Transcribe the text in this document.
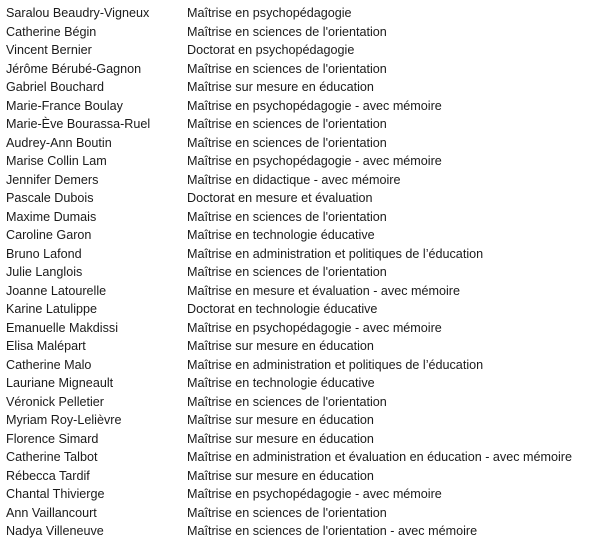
Saralou Beaudry-Vigneux	Maîtrise en psychopédagogie
Catherine Bégin	Maîtrise en sciences de l'orientation
Vincent Bernier	Doctorat en psychopédagogie
Jérôme Bérubé-Gagnon	Maîtrise en sciences de l'orientation
Gabriel Bouchard	Maîtrise sur mesure en éducation
Marie-France Boulay	Maîtrise en psychopédagogie - avec mémoire
Marie-Ève Bourassa-Ruel	Maîtrise en sciences de l'orientation
Audrey-Ann Boutin	Maîtrise en sciences de l'orientation
Marise Collin Lam	Maîtrise en psychopédagogie - avec mémoire
Jennifer Demers	Maîtrise en didactique - avec mémoire
Pascale Dubois	Doctorat en mesure et évaluation
Maxime Dumais	Maîtrise en sciences de l'orientation
Caroline Garon	Maîtrise en technologie éducative
Bruno Lafond	Maîtrise en administration et politiques de l’éducation
Julie Langlois	Maîtrise en sciences de l'orientation
Joanne Latourelle	Maîtrise en mesure et évaluation - avec mémoire
Karine Latulippe	Doctorat en technologie éducative
Emanuelle Makdissi	Maîtrise en psychopédagogie - avec mémoire
Elisa Malépart	Maîtrise sur mesure en éducation
Catherine Malo	Maîtrise en administration et politiques de l’éducation
Lauriane Migneault	Maîtrise en technologie éducative
Véronick Pelletier	Maîtrise en sciences de l'orientation
Myriam Roy-Lelièvre	Maîtrise sur mesure en éducation
Florence Simard	Maîtrise sur mesure en éducation
Catherine Talbot	Maîtrise en administration et évaluation en éducation - avec mémoire
Rébecca Tardif	Maîtrise sur mesure en éducation
Chantal Thivierge	Maîtrise en psychopédagogie - avec mémoire
Ann Vaillancourt	Maîtrise en sciences de l'orientation
Nadya Villeneuve	Maîtrise en sciences de l'orientation - avec mémoire
